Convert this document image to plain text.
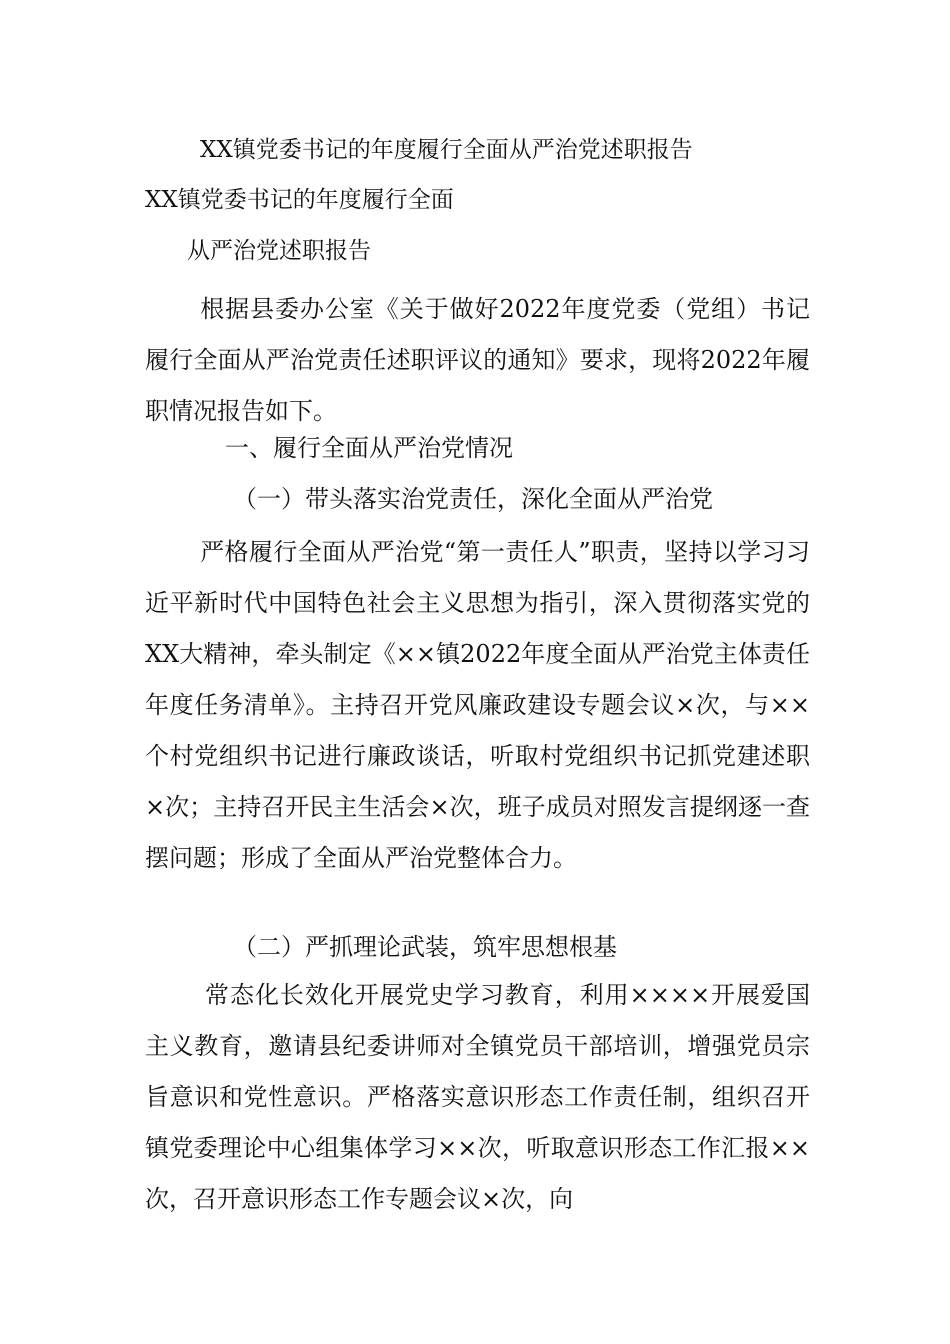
XX镇党委书记的年度履行全面从严治党述职报告
XX镇党委书记的年度履行全面
从严治党述职报告
根据县委办公室《关于做好2022年度党委（党组）书记履行全面从严治党责任述职评议的通知》要求，现将2022年履职情况报告如下。
一、履行全面从严治党情况
（一）带头落实治党责任，深化全面从严治党
严格履行全面从严治党“第一责任人”职责，坚持以学习习近平新时代中国特色社会主义思想为指引，深入贯彻落实党的XX大精神，牵头制定《××镇2022年度全面从严治党主体责任年度任务清单》。主持召开党风廉政建设专题会议×次，与××个村党组织书记进行廉政谈话，听取村党组织书记抓党建述职×次；主持召开民主生活会×次，班子成员对照发言提纲逐一查摆问题；形成了全面从严治党整体合力。
（二）严抓理论武装，筑牢思想根基
常态化长效化开展党史学习教育，利用××××开展爱国主义教育，邀请县纪委讲师对全镇党员干部培训，增强党员宗旨意识和党性意识。严格落实意识形态工作责任制，组织召开镇党委理论中心组集体学习××次，听取意识形态工作汇报××次，召开意识形态工作专题会议×次，向
